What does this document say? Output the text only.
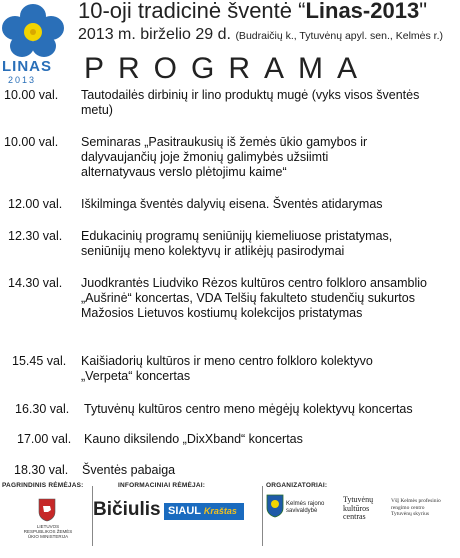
LINAS
2013
10-oji tradicinė šventė “Linas-2013"
2013 m. birželio 29 d. (Budraičių k., Tytuvėnų apyl. sen., Kelmės r.)
PROGRAMA
10.00 val. Tautodailės dirbinių ir lino produktų mugė (vyks visos šventės metu)
10.00 val. Seminaras „Pasitraukusių iš žemės ūkio gamybos ir dalyvaujančių joje žmonių galimybės užsiimti alternatyvaus verslo plėtojimu kaime“
12.00 val. Iškilminga šventės dalyvių eisena. Šventės atidarymas
12.30 val. Edukacinių programų seniūnijų kiemeliuose pristatymas, seniūnijų meno kolektyvų ir atlikėjų pasirodymai
14.30 val. Juodkrantės Liudviko Rėzos kultūros centro folkloro ansamblio „Aušrinė“ koncertas, VDA Telšių fakulteto studenčių sukurtos Mažosios Lietuvos kostiumų kolekcijos pristatymas
15.45 val. Kaišiadorių kultūros ir meno centro folkloro kolektyvo „Verpeta“ koncertas
16.30 val. Tytuvėnų kultūros centro meno mėgėjų kolektyvų koncertas
17.00 val. Kauno diksilendo „DixXband“ koncertas
18.30 val. Šventės pabaiga
PAGRINDINIS RĖMĖJAS:	INFORMACINIAI RĖMĖJAI:	ORGANIZATORIAI:
LIETUVOS RESPUBLIKOS ŽEMĖS ŪKIO MINISTERIJA
Bičiulis SIAUL Kraštas
Kelmės rajono
savivaldybė
Tytuvėnų
kultūros
centras
VšĮ Kelmės profesinio
rengimo centro
Tytuvėnų skyrius
